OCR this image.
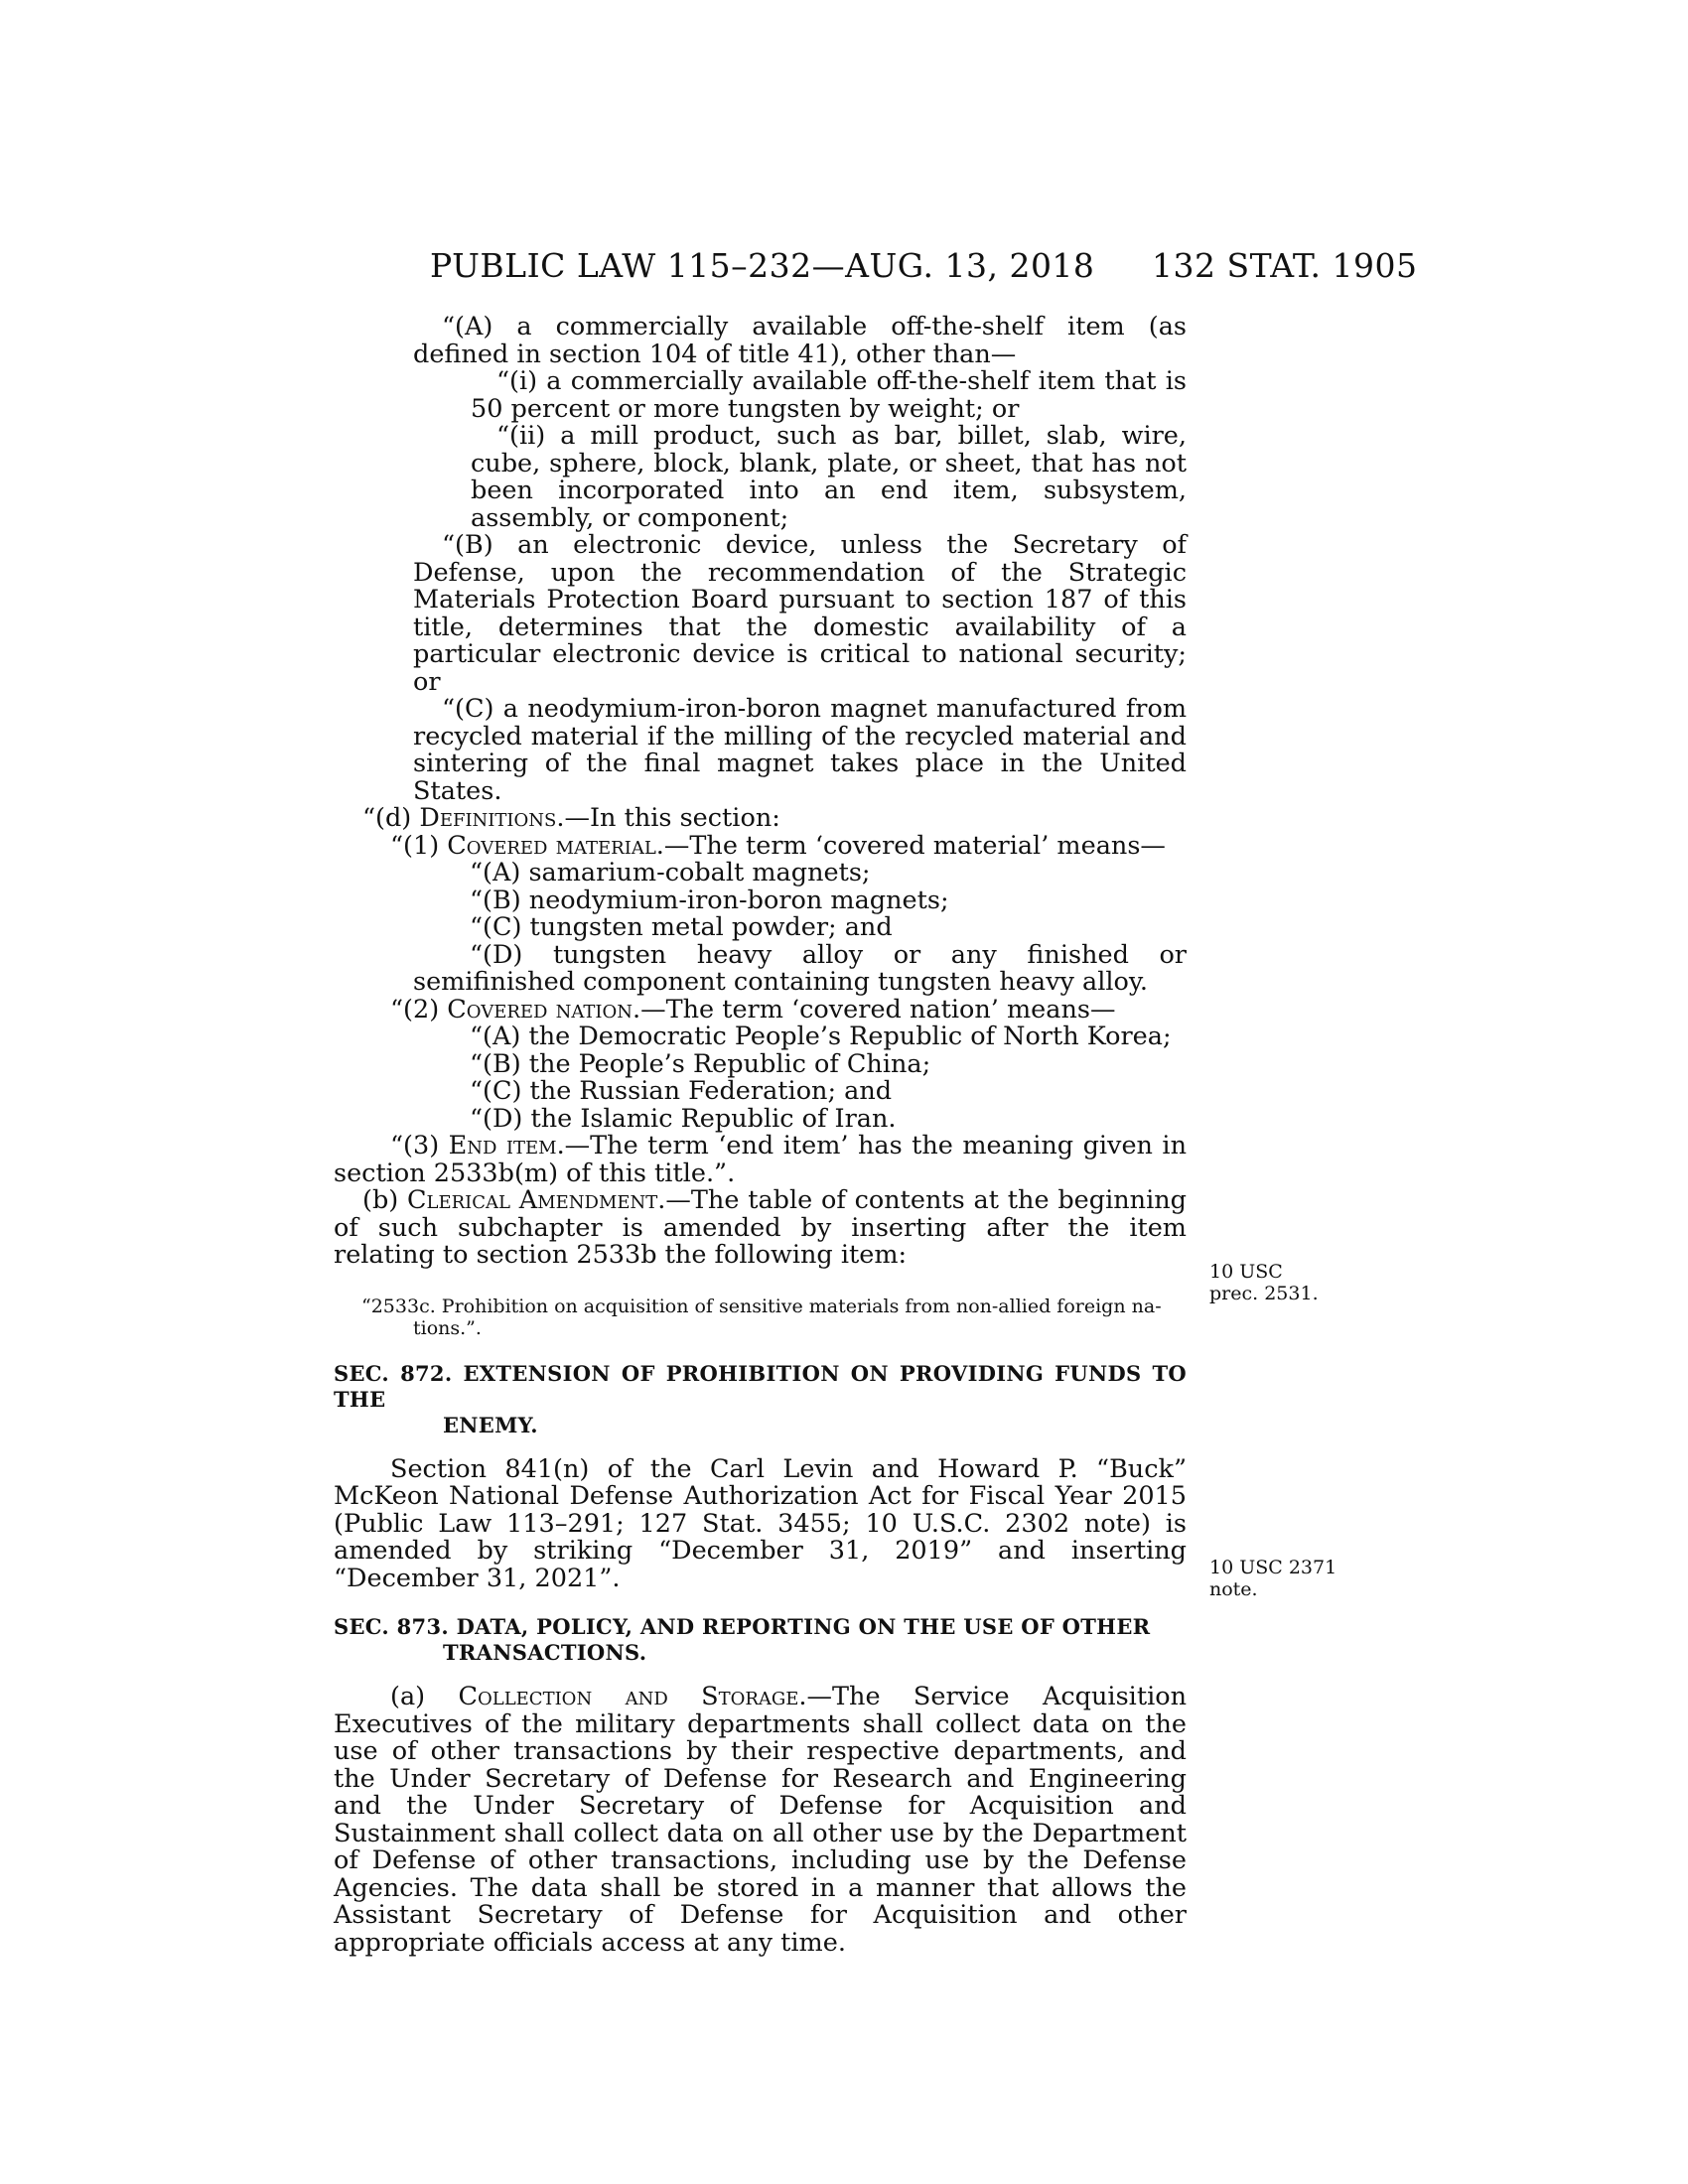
PUBLIC LAW 115–232—AUG. 13, 2018 132 STAT. 1905

“(A) a commercially available off-the-shelf item (as defined in section 104 of title 41), other than—

“(i) a commercially available off-the-shelf item that is 50 percent or more tungsten by weight; or

“(ii) a mill product, such as bar, billet, slab, wire, cube, sphere, block, blank, plate, or sheet, that has not been incorporated into an end item, subsystem, assembly, or component;

“(B) an electronic device, unless the Secretary of Defense, upon the recommendation of the Strategic Materials Protection Board pursuant to section 187 of this title, determines that the domestic availability of a particular electronic device is critical to national security; or

“(C) a neodymium-iron-boron magnet manufactured from recycled material if the milling of the recycled material and sintering of the final magnet takes place in the United States.

“(d) Definitions.—In this section:

“(1) Covered material.—The term ‘covered material’ means—

“(A) samarium-cobalt magnets;

“(B) neodymium-iron-boron magnets;

“(C) tungsten metal powder; and

“(D) tungsten heavy alloy or any finished or semifinished component containing tungsten heavy alloy.

“(2) Covered nation.—The term ‘covered nation’ means—

“(A) the Democratic People’s Republic of North Korea;

“(B) the People’s Republic of China;

“(C) the Russian Federation; and

“(D) the Islamic Republic of Iran.

“(3) End item.—The term ‘end item’ has the meaning given in section 2533b(m) of this title.”.

(b) Clerical Amendment.—The table of contents at the beginning of such subchapter is amended by inserting after the item relating to section 2533b the following item:

“2533c. Prohibition on acquisition of sensitive materials from non-allied foreign na-
tions.”.

SEC. 872. EXTENSION OF PROHIBITION ON PROVIDING FUNDS TO THE
ENEMY.

Section 841(n) of the Carl Levin and Howard P. “Buck” McKeon National Defense Authorization Act for Fiscal Year 2015 (Public Law 113–291; 127 Stat. 3455; 10 U.S.C. 2302 note) is amended by striking “December 31, 2019” and inserting “December 31, 2021”.

SEC. 873. DATA, POLICY, AND REPORTING ON THE USE OF OTHER
TRANSACTIONS.

(a) Collection and Storage.—The Service Acquisition Executives of the military departments shall collect data on the use of other transactions by their respective departments, and the Under Secretary of Defense for Research and Engineering and the Under Secretary of Defense for Acquisition and Sustainment shall collect data on all other use by the Department of Defense of other transactions, including use by the Defense Agencies. The data shall be stored in a manner that allows the Assistant Secretary of Defense for Acquisition and other appropriate officials access at any time.

10 USC
prec. 2531.
10 USC 2371
note.
